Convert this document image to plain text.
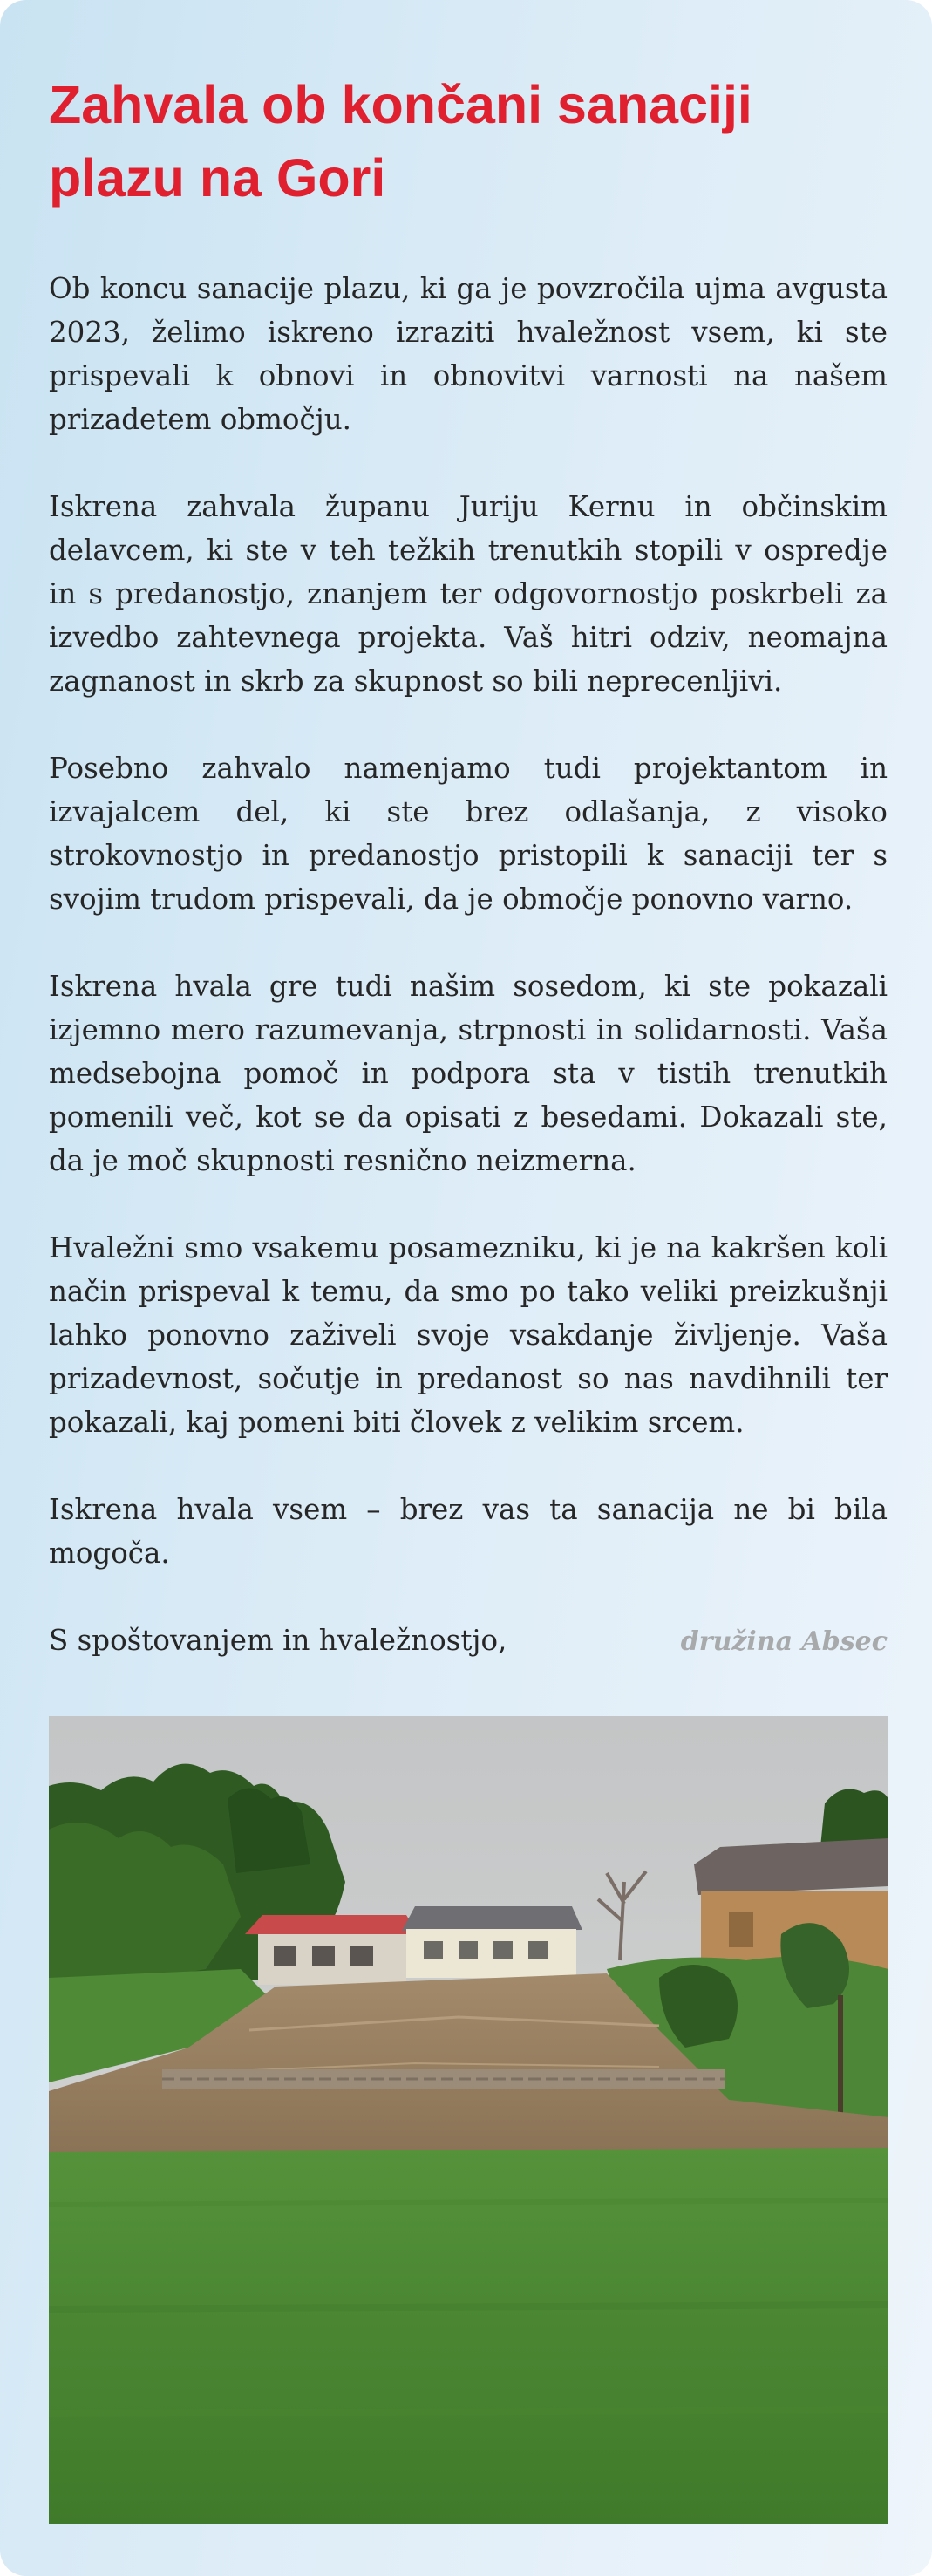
Zahvala ob končani sanaciji plazu na Gori

Ob koncu sanacije plazu, ki ga je povzročila ujma avgusta 2023, želimo iskreno izraziti hvaležnost vsem, ki ste prispevali k obnovi in obnovitvi varnosti na našem prizadetem območju.

Iskrena zahvala županu Juriju Kernu in občinskim delavcem, ki ste v teh težkih trenutkih stopili v ospredje in s predanostjo, znanjem ter odgovornostjo poskrbeli za izvedbo zahtevnega projekta. Vaš hitri odziv, neomajna zagnanost in skrb za skupnost so bili neprecenljivi.

Posebno zahvalo namenjamo tudi projektantom in izvajalcem del, ki ste brez odlašanja, z visoko strokovnostjo in predanostjo pristopili k sanaciji ter s svojim trudom prispevali, da je območje ponovno varno.

Iskrena hvala gre tudi našim sosedom, ki ste pokazali izjemno mero razumevanja, strpnosti in solidarnosti. Vaša medsebojna pomoč in podpora sta v tistih trenutkih pomenili več, kot se da opisati z besedami. Dokazali ste, da je moč skupnosti resnično neizmerna.

Hvaležni smo vsakemu posamezniku, ki je na kakršen koli način prispeval k temu, da smo po tako veliki preizkušnji lahko ponovno zaživeli svoje vsakdanje življenje. Vaša prizadevnost, sočutje in predanost so nas navdihnili ter pokazali, kaj pomeni biti človek z velikim srcem.

Iskrena hvala vsem – brez vas ta sanacija ne bi bila mogoča.

S spoštovanjem in hvaležnostjo,	družina Absec
